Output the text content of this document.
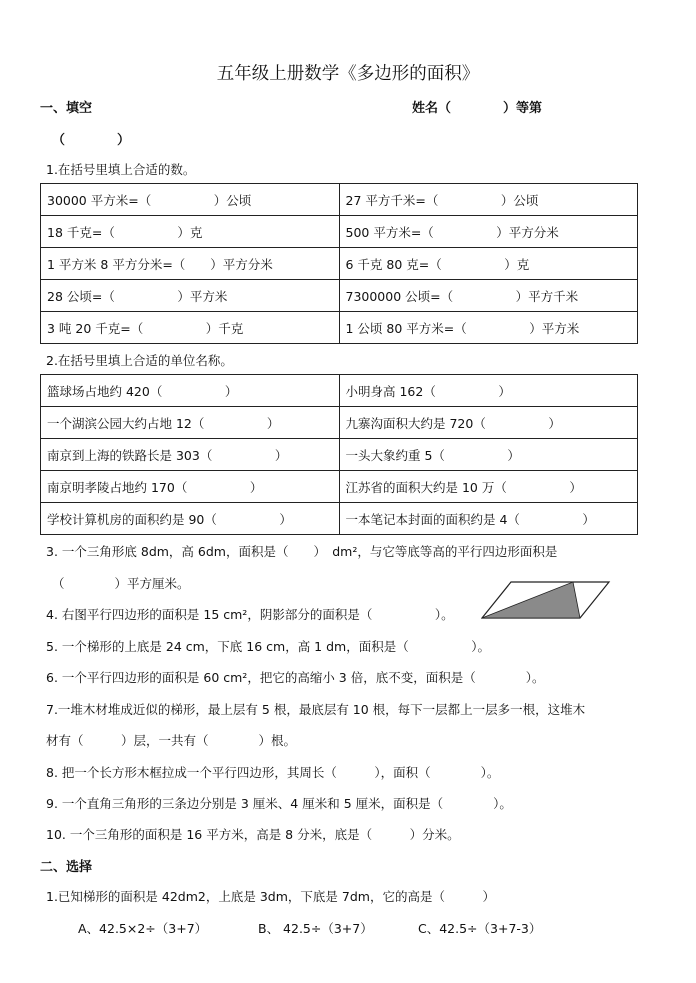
五年级上册数学《多边形的面积》
一、填空	姓名（　　　　）等第
（　　　　）
1.在括号里填上合适的数。
30000 平方米=（　　　　　）公顷	27 平方千米=（　　　　　）公顷
18 千克=（　　　　　）克	500 平方米=（　　　　　）平方分米
1 平方米 8 平方分米=（　　）平方分米	6 千克 80 克=（　　　　　）克
28 公顷=（　　　　　）平方米	7300000 公顷=（　　　　　）平方千米
3 吨 20 千克=（　　　　　）千克	1 公顷 80 平方米=（　　　　　）平方米
2.在括号里填上合适的单位名称。
篮球场占地约 420（　　　　　）	小明身高 162（　　　　　）
一个湖滨公园大约占地 12（　　　　　）	九寨沟面积大约是 720（　　　　　）
南京到上海的铁路长是 303（　　　　　）	一头大象约重 5（　　　　　）
南京明孝陵占地约 170（　　　　　）	江苏省的面积大约是 10 万（　　　　　）
学校计算机房的面积约是 90（　　　　　）	一本笔记本封面的面积约是 4（　　　　　）
3. 一个三角形底 8dm，高 6dm，面积是（　　）　dm²，与它等底等高的平行四边形面积是
（　　　　）平方厘米。
4. 右图平行四边形的面积是 15 cm²，阴影部分的面积是（　　　　　）。
5. 一个梯形的上底是 24 cm，下底 16 cm，高 1 dm，面积是（　　　　　）。
6. 一个平行四边形的面积是 60 cm²，把它的高缩小 3 倍，底不变，面积是（　　　　）。
7.一堆木材堆成近似的梯形，最上层有 5 根，最底层有 10 根，每下一层都上一层多一根，这堆木
材有（　　　）层，一共有（　　　　）根。
8. 把一个长方形木框拉成一个平行四边形，其周长（　　　），面积（　　　　）。
9. 一个直角三角形的三条边分别是 3 厘米、4 厘米和 5 厘米，面积是（　　　　）。
10. 一个三角形的面积是 16 平方米，高是 8 分米，底是（　　　）分米。
二、选择
1.已知梯形的面积是 42dm2，上底是 3dm，下底是 7dm，它的高是（　　　）
A、42.5×2÷（3+7）	B、 42.5÷（3+7）	C、42.5÷（3+7-3）
